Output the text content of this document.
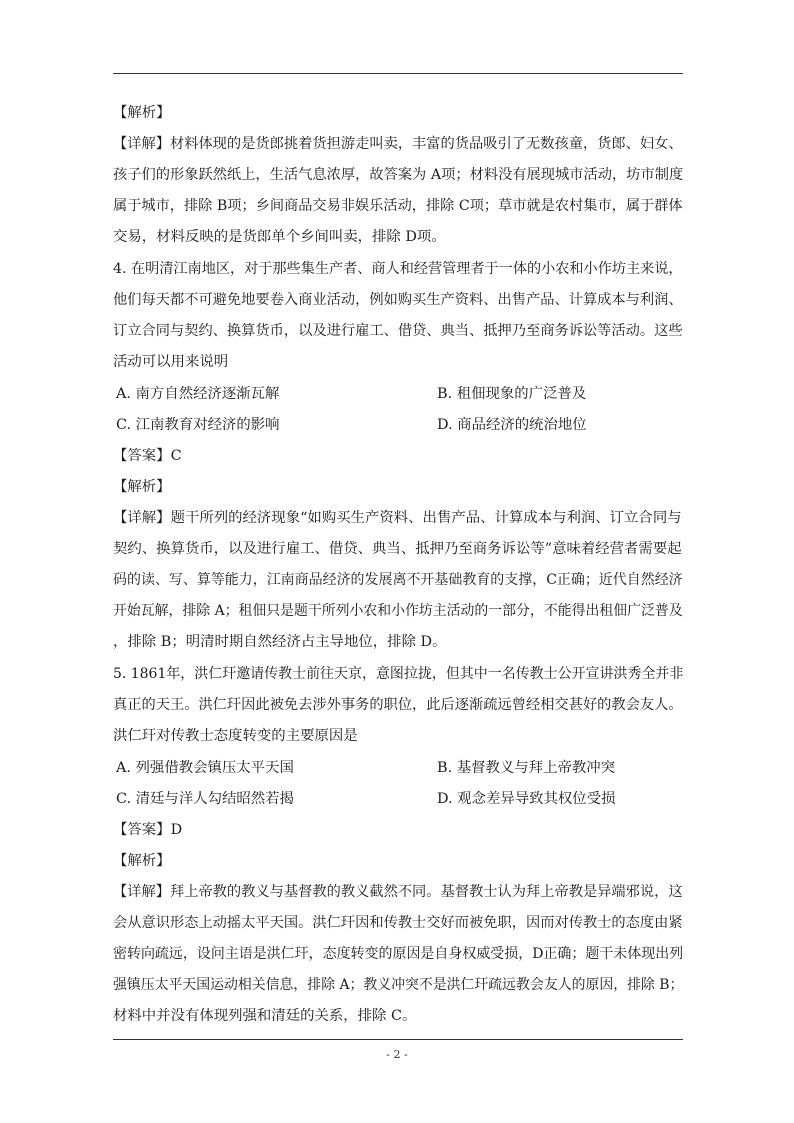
【解析】
【详解】材料体现的是货郎挑着货担游走叫卖，丰富的货品吸引了无数孩童，货郎、妇女、
孩子们的形象跃然纸上，生活气息浓厚，故答案为 A项；材料没有展现城市活动，坊市制度
属于城市，排除 B项；乡间商品交易非娱乐活动，排除 C项；草市就是农村集市，属于群体
交易，材料反映的是货郎单个乡间叫卖，排除 D项。
4. 在明清江南地区，对于那些集生产者、商人和经营管理者于一体的小农和小作坊主来说，
他们每天都不可避免地要卷入商业活动，例如购买生产资料、出售产品、计算成本与利润、
订立合同与契约、换算货币，以及进行雇工、借贷、典当、抵押乃至商务诉讼等活动。这些
活动可以用来说明
A. 南方自然经济逐渐瓦解	B. 租佃现象的广泛普及
C. 江南教育对经济的影响	D. 商品经济的统治地位
【答案】C
【解析】
【详解】题干所列的经济现象“如购买生产资料、出售产品、计算成本与利润、订立合同与
契约、换算货币，以及进行雇工、借贷、典当、抵押乃至商务诉讼等”意味着经营者需要起
码的读、写、算等能力，江南商品经济的发展离不开基础教育的支撑，C正确；近代自然经济
开始瓦解，排除 A；租佃只是题干所列小农和小作坊主活动的一部分，不能得出租佃广泛普及
，排除 B；明清时期自然经济占主导地位，排除 D。
5. 1861年，洪仁玕邀请传教士前往天京，意图拉拢，但其中一名传教士公开宣讲洪秀全并非
真正的天王。洪仁玕因此被免去涉外事务的职位，此后逐渐疏远曾经相交甚好的教会友人。
洪仁玕对传教士态度转变的主要原因是
A. 列强借教会镇压太平天国	B. 基督教义与拜上帝教冲突
C. 清廷与洋人勾结昭然若揭	D. 观念差异导致其权位受损
【答案】D
【解析】
【详解】拜上帝教的教义与基督教的教义截然不同。基督教士认为拜上帝教是异端邪说，这
会从意识形态上动摇太平天国。洪仁玕因和传教士交好而被免职，因而对传教士的态度由紧
密转向疏远，设问主语是洪仁玕，态度转变的原因是自身权威受损，D正确；题干未体现出列
强镇压太平天国运动相关信息，排除 A；教义冲突不是洪仁玕疏远教会友人的原因，排除 B；
材料中并没有体现列强和清廷的关系，排除 C。
- 2 -
